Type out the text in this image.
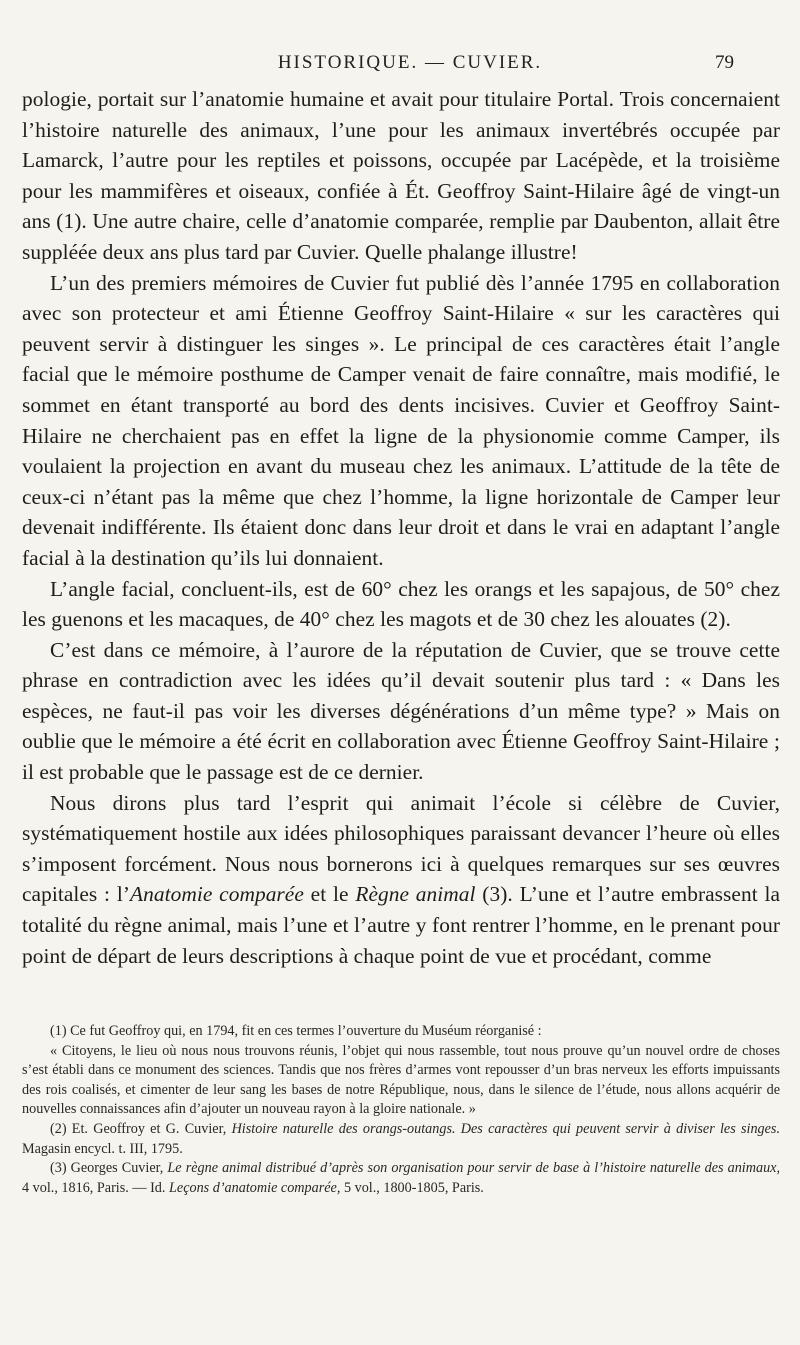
HISTORIQUE. — CUVIER.	79

pologie, portait sur l’anatomie humaine et avait pour titulaire Portal. Trois concernaient l’histoire naturelle des animaux, l’une pour les animaux invertébrés occupée par Lamarck, l’autre pour les reptiles et poissons, occupée par Lacépède, et la troisième pour les mammifères et oiseaux, confiée à Ét. Geoffroy Saint-Hilaire âgé de vingt-un ans (1). Une autre chaire, celle d’anatomie comparée, remplie par Daubenton, allait être suppléée deux ans plus tard par Cuvier. Quelle phalange illustre!

L’un des premiers mémoires de Cuvier fut publié dès l’année 1795 en collaboration avec son protecteur et ami Étienne Geoffroy Saint-Hilaire « sur les caractères qui peuvent servir à distinguer les singes ». Le principal de ces caractères était l’angle facial que le mémoire posthume de Camper venait de faire connaître, mais modifié, le sommet en étant transporté au bord des dents incisives. Cuvier et Geoffroy Saint-Hilaire ne cherchaient pas en effet la ligne de la physionomie comme Camper, ils voulaient la projection en avant du museau chez les animaux. L’attitude de la tête de ceux-ci n’étant pas la même que chez l’homme, la ligne horizontale de Camper leur devenait indifférente. Ils étaient donc dans leur droit et dans le vrai en adaptant l’angle facial à la destination qu’ils lui donnaient.

L’angle facial, concluent-ils, est de 60° chez les orangs et les sapajous, de 50° chez les guenons et les macaques, de 40° chez les magots et de 30 chez les alouates (2).

C’est dans ce mémoire, à l’aurore de la réputation de Cuvier, que se trouve cette phrase en contradiction avec les idées qu’il devait soutenir plus tard : « Dans les espèces, ne faut-il pas voir les diverses dégénérations d’un même type? » Mais on oublie que le mémoire a été écrit en collaboration avec Étienne Geoffroy Saint-Hilaire ; il est probable que le passage est de ce dernier.

Nous dirons plus tard l’esprit qui animait l’école si célèbre de Cuvier, systématiquement hostile aux idées philosophiques paraissant devancer l’heure où elles s’imposent forcément. Nous nous bornerons ici à quelques remarques sur ses œuvres capitales : l’Anatomie comparée et le Règne animal (3). L’une et l’autre embrassent la totalité du règne animal, mais l’une et l’autre y font rentrer l’homme, en le prenant pour point de départ de leurs descriptions à chaque point de vue et procédant, comme

(1) Ce fut Geoffroy qui, en 1794, fit en ces termes l’ouverture du Muséum réorganisé :

« Citoyens, le lieu où nous nous trouvons réunis, l’objet qui nous rassemble, tout nous prouve qu’un nouvel ordre de choses s’est établi dans ce monument des sciences. Tandis que nos frères d’armes vont repousser d’un bras nerveux les efforts impuissants des rois coalisés, et cimenter de leur sang les bases de notre République, nous, dans le silence de l’étude, nous allons acquérir de nouvelles connaissances afin d’ajouter un nouveau rayon à la gloire nationale. »

(2) Et. Geoffroy et G. Cuvier, Histoire naturelle des orangs-outangs. Des caractères qui peuvent servir à diviser les singes. Magasin encycl. t. III, 1795.

(3) Georges Cuvier, Le règne animal distribué d’après son organisation pour servir de base à l’histoire naturelle des animaux, 4 vol., 1816, Paris. — Id. Leçons d’anatomie comparée, 5 vol., 1800-1805, Paris.
